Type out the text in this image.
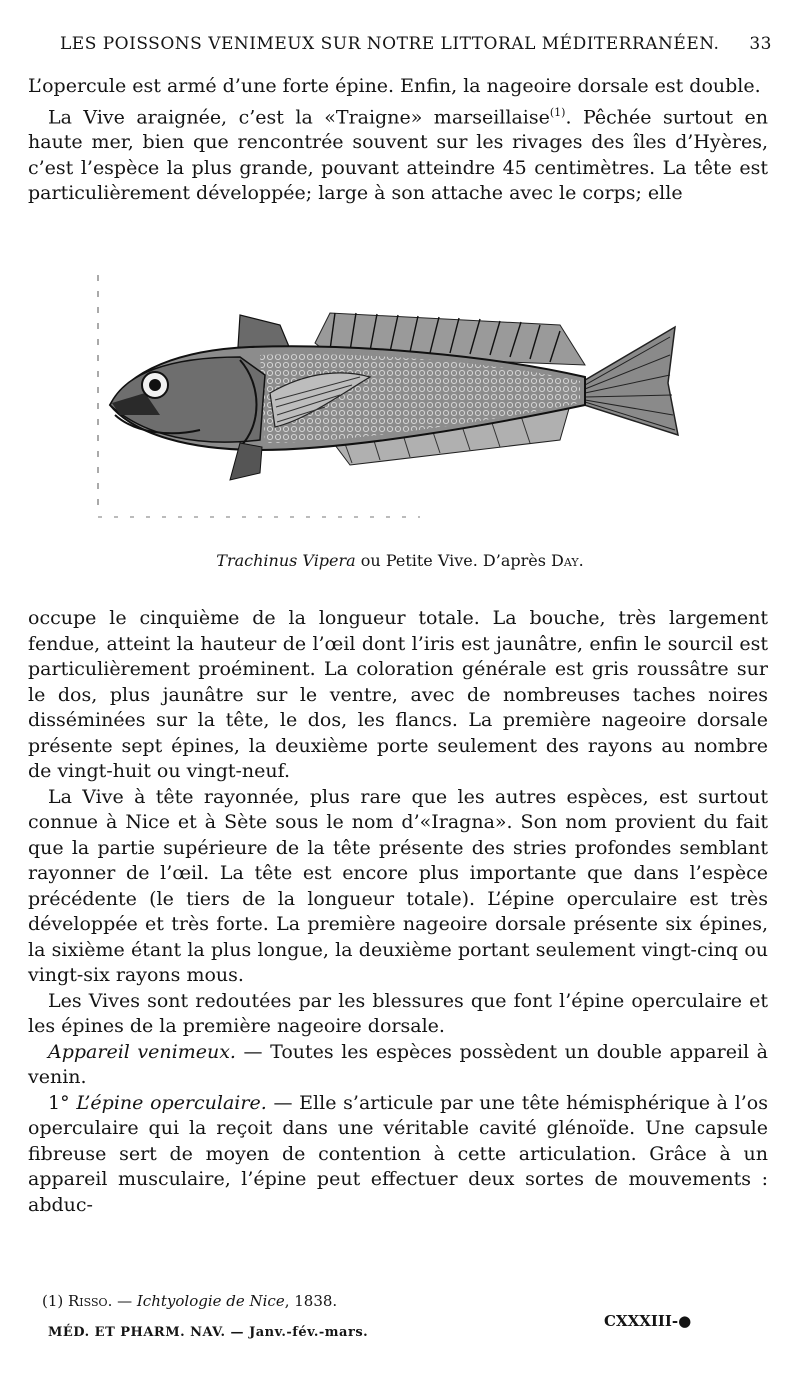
LES POISSONS VENIMEUX SUR NOTRE LITTORAL MÉDITERRANÉEN. 33

L’opercule est armé d’une forte épine. Enfin, la nageoire dorsale est double.

La Vive araignée, c’est la «Traigne» marseillaise$^{(1)}$. Pêchée surtout en haute mer, bien que rencontrée souvent sur les rivages des îles d’Hyères, c’est l’espèce la plus grande, pouvant atteindre 45 centimètres. La tête est particulièrement développée; large à son attache avec le corps; elle

Trachinus Vipera ou Petite Vive. D’après Day.

occupe le cinquième de la longueur totale. La bouche, très largement fendue, atteint la hauteur de l’œil dont l’iris est jaunâtre, enfin le sourcil est particulièrement proéminent. La coloration générale est gris roussâtre sur le dos, plus jaunâtre sur le ventre, avec de nombreuses taches noires disséminées sur la tête, le dos, les flancs. La première nageoire dorsale présente sept épines, la deuxième porte seulement des rayons au nombre de vingt-huit ou vingt-neuf.

La Vive à tête rayonnée, plus rare que les autres espèces, est surtout connue à Nice et à Sète sous le nom d’«Iragna». Son nom provient du fait que la partie supérieure de la tête présente des stries profondes semblant rayonner de l’œil. La tête est encore plus importante que dans l’espèce précédente (le tiers de la longueur totale). L’épine operculaire est très développée et très forte. La première nageoire dorsale présente six épines, la sixième étant la plus longue, la deuxième portant seulement vingt-cinq ou vingt-six rayons mous.

Les Vives sont redoutées par les blessures que font l’épine operculaire et les épines de la première nageoire dorsale.

Appareil venimeux. — Toutes les espèces possèdent un double appareil à venin.

1° L’épine operculaire. — Elle s’articule par une tête hémisphérique à l’os operculaire qui la reçoit dans une véritable cavité glénoïde. Une capsule fibreuse sert de moyen de contention à cette articulation. Grâce à un appareil musculaire, l’épine peut effectuer deux sortes de mouvements : abduc-

(1) Risso. — Ichtyologie de Nice, 1838.
MÉD. ET PHARM. NAV. — Janv.-fév.-mars.
CXXXIII-●
